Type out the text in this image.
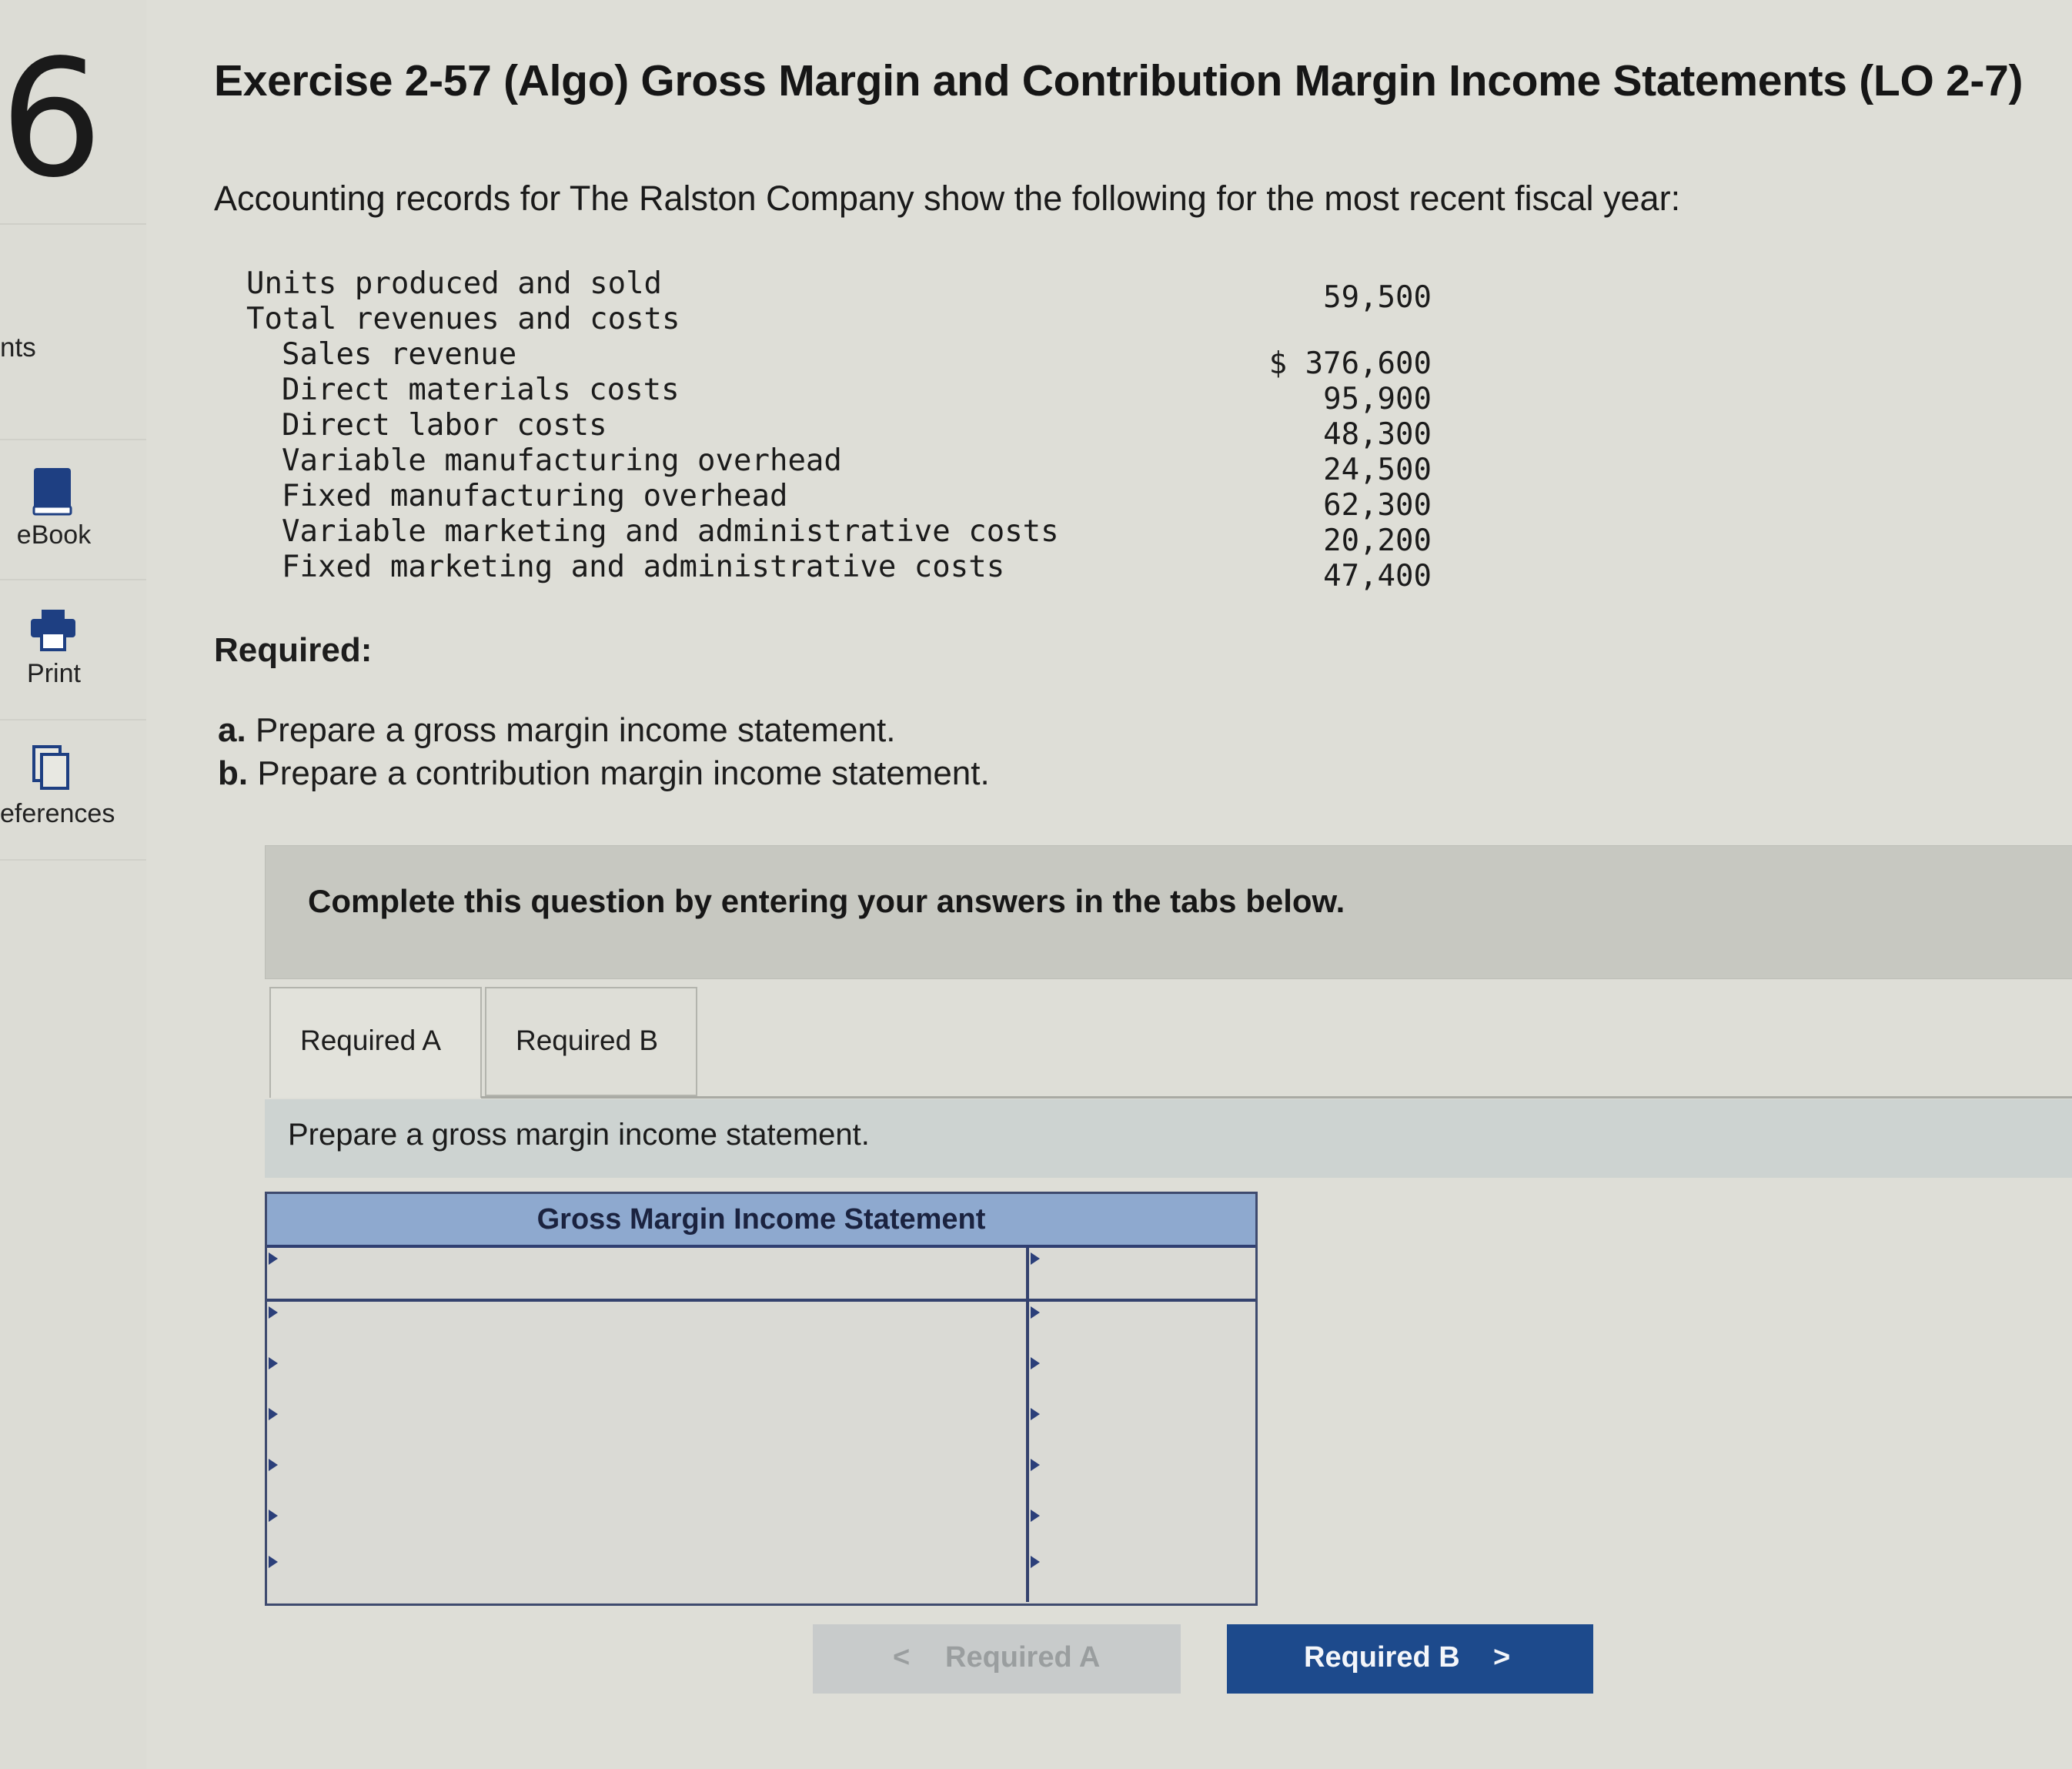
6
nts
eBook
Print
eferences
Exercise 2-57 (Algo) Gross Margin and Contribution Margin Income Statements (LO 2-7)
Accounting records for The Ralston Company show the following for the most recent fiscal year:
Units produced and sold	59,500
Total revenues and costs
Sales revenue	$ 376,600
Direct materials costs	95,900
Direct labor costs	48,300
Variable manufacturing overhead	24,500
Fixed manufacturing overhead	62,300
Variable marketing and administrative costs	20,200
Fixed marketing and administrative costs	47,400
Required:
a. Prepare a gross margin income statement.
b. Prepare a contribution margin income statement.
Complete this question by entering your answers in the tabs below.
Required A	Required B
Prepare a gross margin income statement.
Gross Margin Income Statement
< Required A	Required B >
